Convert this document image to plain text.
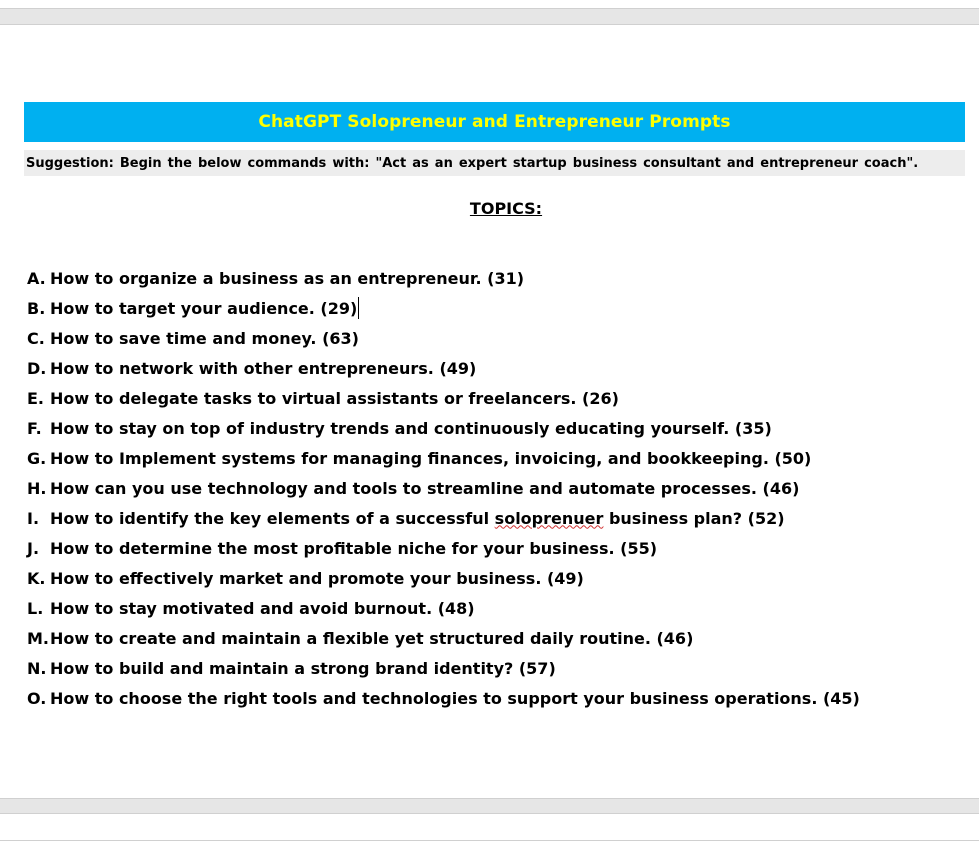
ChatGPT Solopreneur and Entrepreneur Prompts
Suggestion: Begin the below commands with: "Act as an expert startup business consultant and entrepreneur coach".
TOPICS:
A. How to organize a business as an entrepreneur. (31)
B. How to target your audience. (29)
C. How to save time and money. (63)
D. How to network with other entrepreneurs. (49)
E. How to delegate tasks to virtual assistants or freelancers. (26)
F. How to stay on top of industry trends and continuously educating yourself. (35)
G. How to Implement systems for managing finances, invoicing, and bookkeeping. (50)
H. How can you use technology and tools to streamline and automate processes. (46)
I. How to identify the key elements of a successful soloprenuer business plan? (52)
J. How to determine the most profitable niche for your business. (55)
K. How to effectively market and promote your business. (49)
L. How to stay motivated and avoid burnout. (48)
M. How to create and maintain a flexible yet structured daily routine. (46)
N. How to build and maintain a strong brand identity? (57)
O. How to choose the right tools and technologies to support your business operations. (45)
